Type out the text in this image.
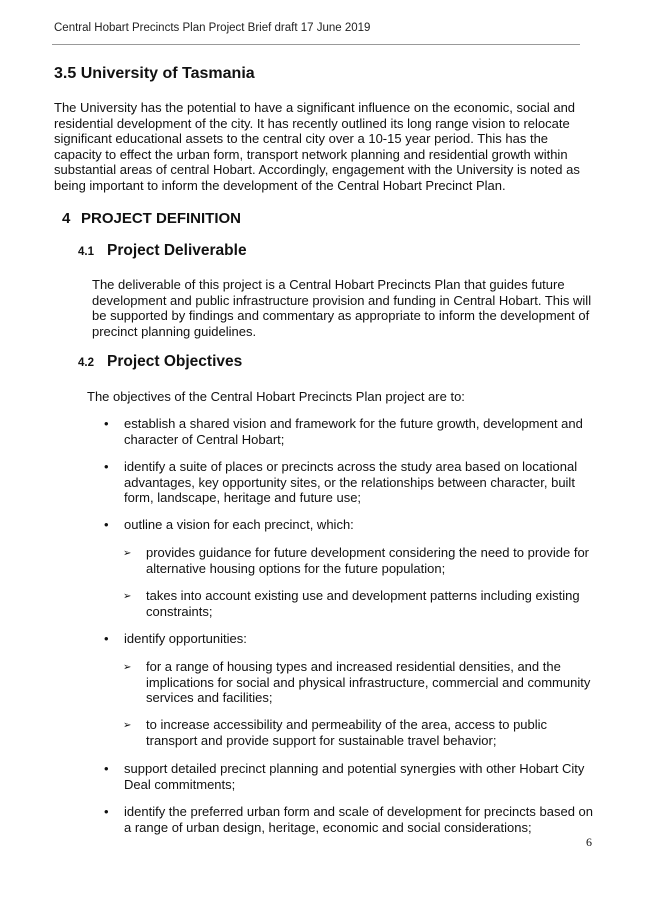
Central Hobart Precincts Plan Project Brief draft 17 June 2019
3.5 University of Tasmania
The University has the potential to have a significant influence on the economic, social and residential development of the city. It has recently outlined its long range vision to relocate significant educational assets to the central city over a 10-15 year period. This has the capacity to effect the urban form, transport network planning and residential growth within substantial areas of central Hobart. Accordingly, engagement with the University is noted as being important to inform the development of the Central Hobart Precinct Plan.
4 PROJECT DEFINITION
4.1 Project Deliverable
The deliverable of this project is a Central Hobart Precincts Plan that guides future development and public infrastructure provision and funding in Central Hobart. This will be supported by findings and commentary as appropriate to inform the development of precinct planning guidelines.
4.2 Project Objectives
The objectives of the Central Hobart Precincts Plan project are to:
• establish a shared vision and framework for the future growth, development and character of Central Hobart;
• identify a suite of places or precincts across the study area based on locational advantages, key opportunity sites, or the relationships between character, built form, landscape, heritage and future use;
• outline a vision for each precinct, which:
➢ provides guidance for future development considering the need to provide for alternative housing options for the future population;
➢ takes into account existing use and development patterns including existing constraints;
• identify opportunities:
➢ for a range of housing types and increased residential densities, and the implications for social and physical infrastructure, commercial and community services and facilities;
➢ to increase accessibility and permeability of the area, access to public transport and provide support for sustainable travel behavior;
• support detailed precinct planning and potential synergies with other Hobart City Deal commitments;
• identify the preferred urban form and scale of development for precincts based on a range of urban design, heritage, economic and social considerations;
6
